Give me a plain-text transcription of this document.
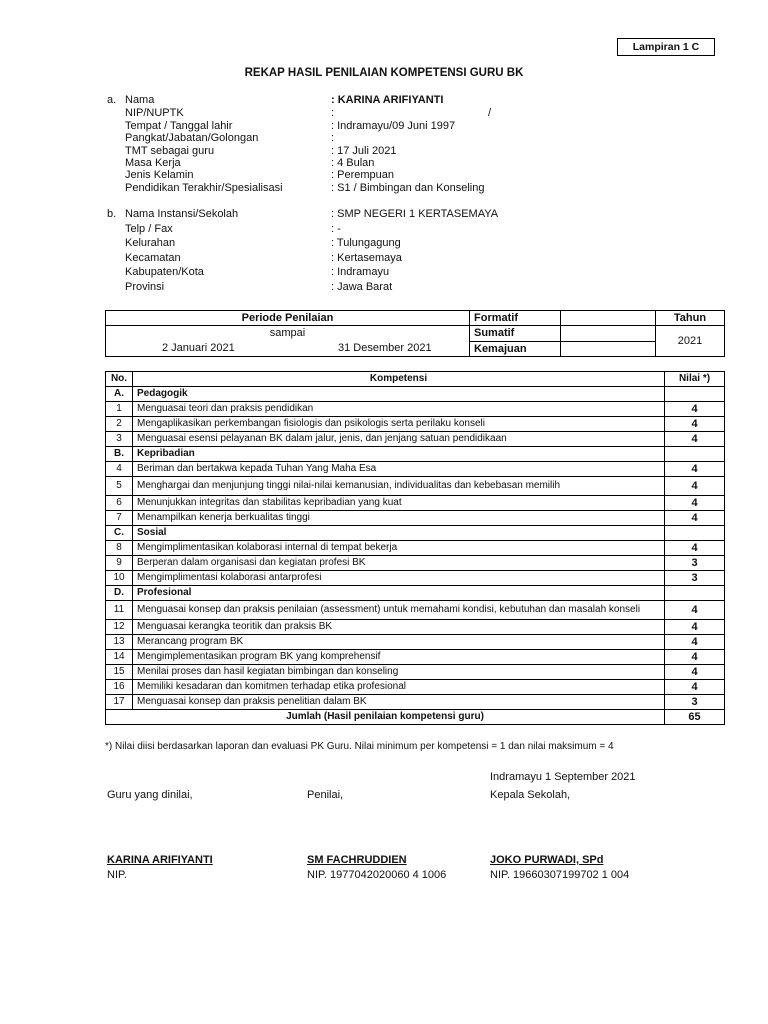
Lampiran 1 C
REKAP HASIL PENILAIAN KOMPETENSI GURU BK
a. Nama	: KARINA ARIFIYANTI
NIP/NUPTK	:	/
Tempat / Tanggal lahir	: Indramayu/09 Juni 1997
Pangkat/Jabatan/Golongan	:
TMT sebagai guru	: 17 Juli 2021
Masa Kerja	: 4 Bulan
Jenis Kelamin	: Perempuan
Pendidikan Terakhir/Spesialisasi	: S1 / Bimbingan dan Konseling
b. Nama Instansi/Sekolah	: SMP NEGERI 1 KERTASEMAYA
Telp / Fax	: -
Kelurahan	: Tulungagung
Kecamatan	: Kertasemaya
Kabupaten/Kota	: Indramayu
Provinsi	: Jawa Barat
Periode Penilaian	Formatif		Tahun

sampai
2 Januari 2021 31 Desember 2021	Sumatif		2021
	Kemajuan		
No.	Kompetensi	Nilai *)
A.	Pedagogik	
1	Menguasai teori dan praksis pendidikan	4
2	Mengaplikasikan perkembangan fisiologis dan psikologis serta perilaku konseli	4
3	Menguasai esensi pelayanan BK dalam jalur, jenis, dan jenjang satuan pendidikaan	4
B.	Kepribadian	
4	Beriman dan bertakwa kepada Tuhan Yang Maha Esa	4
5	Menghargai dan menjunjung tinggi nilai-nilai kemanusian, individualitas dan kebebasan memilih	4
6	Menunjukkan integritas dan stabilitas kepribadian yang kuat	4
7	Menampilkan kenerja berkualitas tinggi	4
C.	Sosial	
8	Mengimplimentasikan kolaborasi internal di tempat bekerja	4
9	Berperan dalam organisasi dan kegiatan profesi BK	3
10	Mengimplimentasi kolaborasi antarprofesi	3
D.	Profesional	
11	Menguasai konsep dan praksis penilaian (assessment) untuk memahami kondisi, kebutuhan dan masalah konseli	4
12	Menguasai kerangka teoritik dan praksis BK	4
13	Merancang program BK	4
14	Mengimplementasikan program BK yang komprehensif	4
15	Menilai proses dan hasil kegiatan bimbingan dan konseling	4
16	Memiliki kesadaran dan komitmen terhadap etika profesional	4
17	Menguasai konsep dan praksis penelitian dalam BK	3
Jumlah (Hasil penilaian kompetensi guru)		65
*) Nilai diisi berdasarkan laporan dan evaluasi PK Guru. Nilai minimum per kompetensi = 1 dan nilai maksimum = 4
Indramayu 1 September 2021
Guru yang dinilai,	Penilai,	Kepala Sekolah,
KARINA ARIFIYANTI	SM FACHRUDDIEN	JOKO PURWADI, SPd
NIP.	NIP. 1977042020060 4 1006	NIP. 19660307199702 1 004
